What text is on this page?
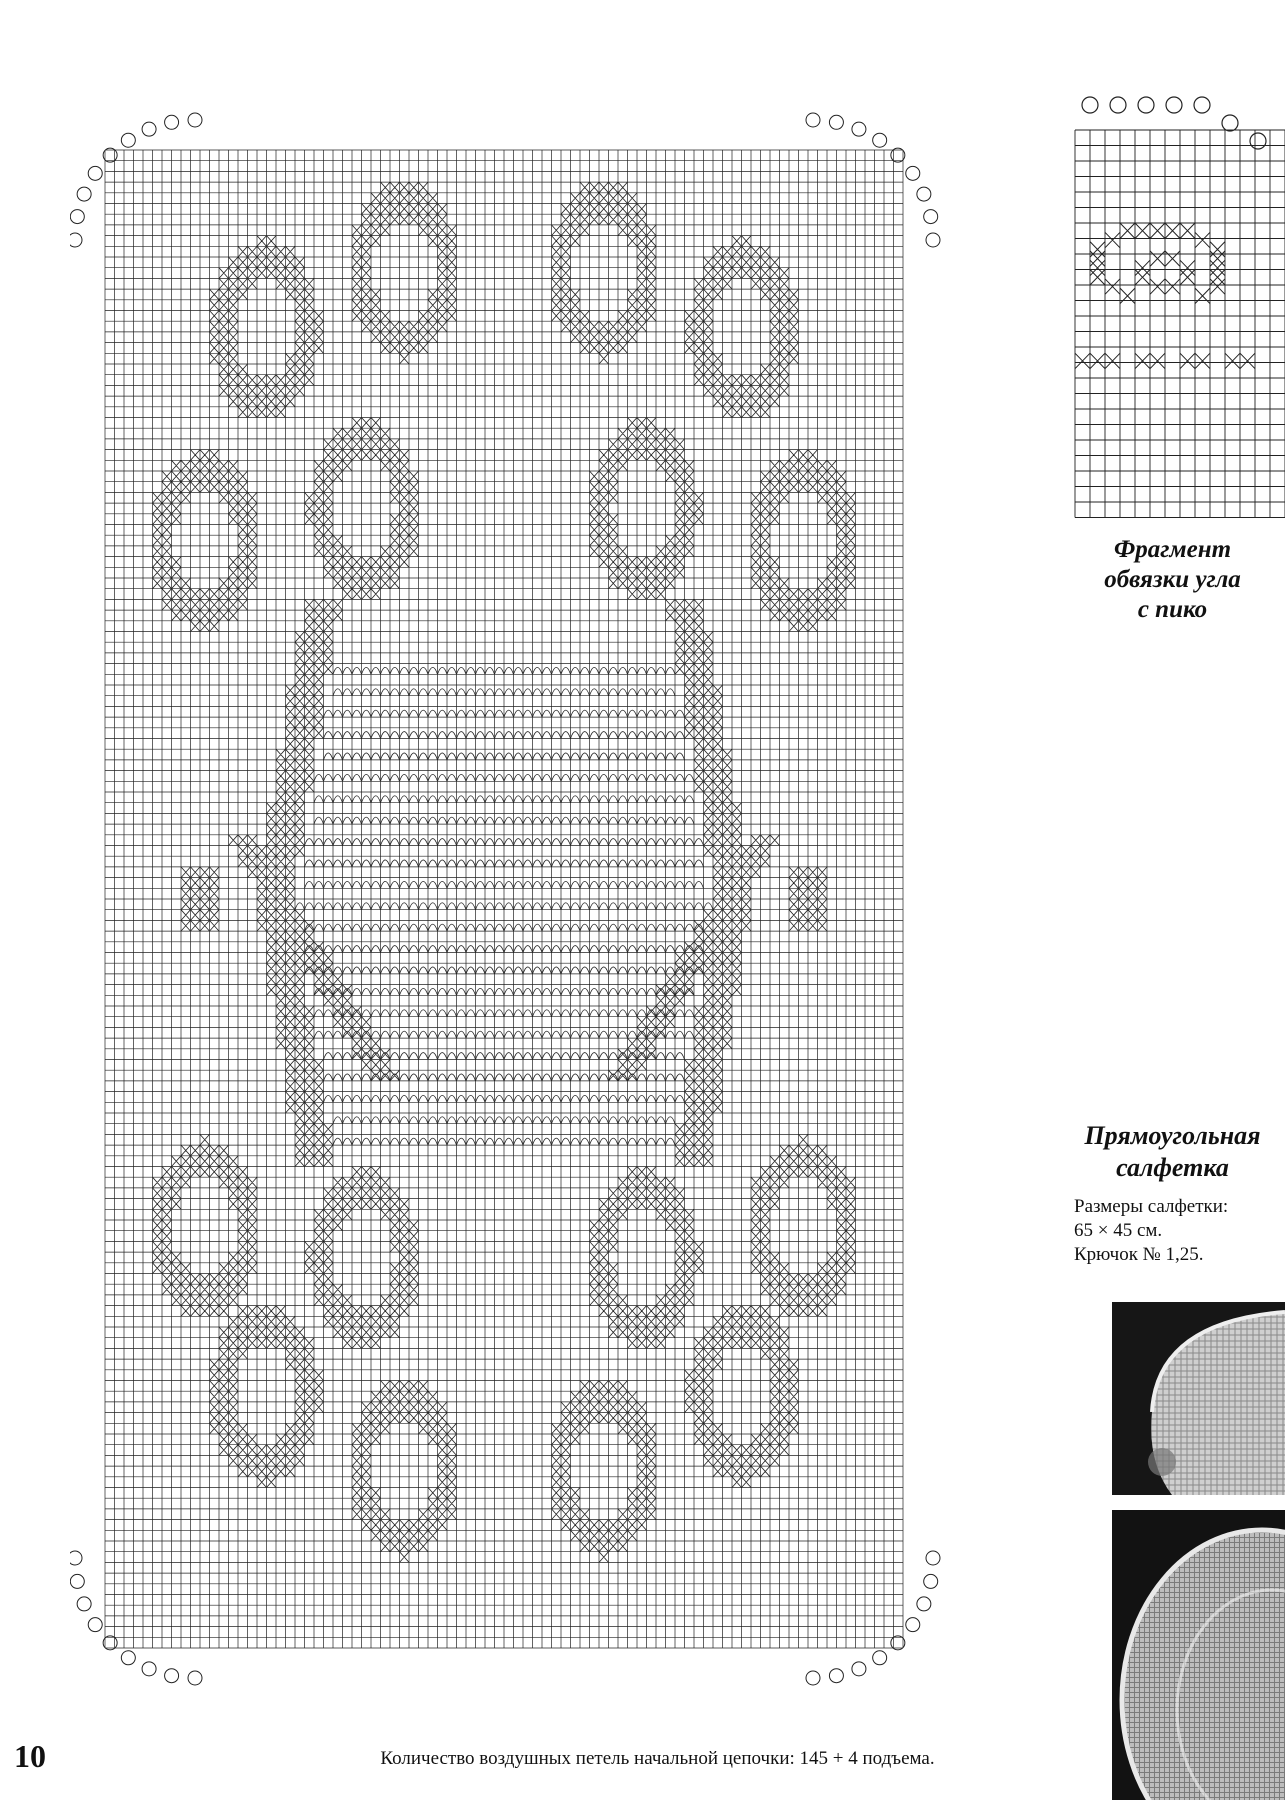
Фрагмент
обвязки угла
с пико
Прямоугольная
салфетка
Размеры салфетки:
65 × 45 см.
Крючок № 1,25.
10	Количество воздушных петель начальной цепочки: 145 + 4 подъема.
